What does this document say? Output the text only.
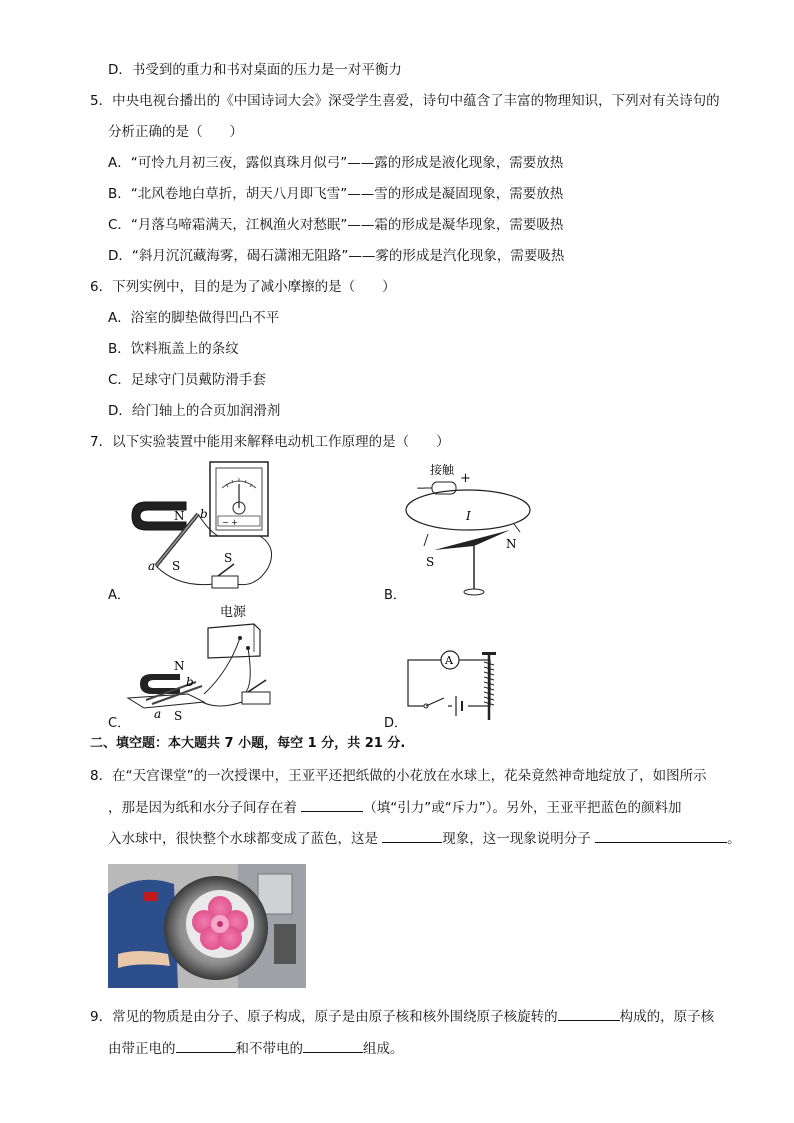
D．书受到的重力和书对桌面的压力是一对平衡力
5．中央电视台播出的《中国诗词大会》深受学生喜爱，诗句中蕴含了丰富的物理知识，下列对有关诗句的
分析正确的是（　　）
A．“可怜九月初三夜，露似真珠月似弓”——露的形成是液化现象，需要放热
B．“北风卷地白草折，胡天八月即飞雪”——雪的形成是凝固现象，需要放热
C．“月落乌啼霜满天，江枫渔火对愁眠”——霜的形成是凝华现象，需要吸热
D．“斜月沉沉藏海雾，碣石潇湘无阻路”——雾的形成是汽化现象，需要吸热
6．下列实例中，目的是为了减小摩擦的是（　　）
A．浴室的脚垫做得凹凸不平
B．饮料瓶盖上的条纹
C．足球守门员戴防滑手套
D．给门轴上的合页加润滑剂
7．以下实验装置中能用来解释电动机工作原理的是（　　）
N b
a S
− +
S
A．
接触
−
+
I
N
S
B．
电源
N
b
a S
C．
A
D．
二、填空题：本大题共 7 小题，每空 1 分，共 21 分.
8．在“天宫课堂”的一次授课中，王亚平还把纸做的小花放在水球上，花朵竟然神奇地绽放了，如图所示
，那是因为纸和水分子间存在着	（填“引力”或“斥力”）。另外，王亚平把蓝色的颜料加
入水球中，很快整个水球都变成了蓝色，这是	现象，这一现象说明分子	。
9．常见的物质是由分子、原子构成，原子是由原子核和核外围绕原子核旋转的	构成的，原子核
由带正电的	和不带电的	组成。
